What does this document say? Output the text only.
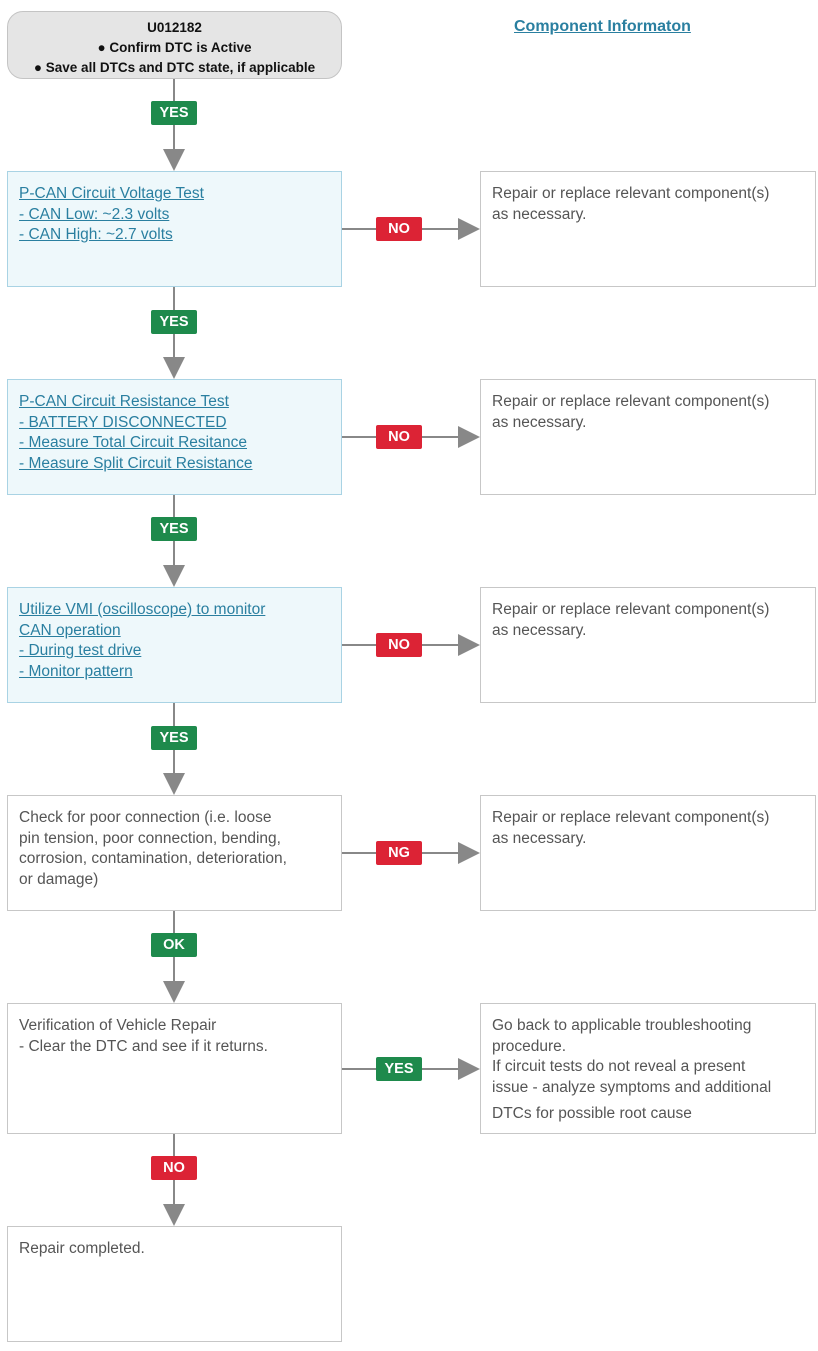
U012182
● Confirm DTC is Active
● Save all DTCs and DTC state, if applicable
Component Informaton
P-CAN Circuit Voltage Test
- CAN Low: ~2.3 volts
- CAN High: ~2.7 volts
P-CAN Circuit Resistance Test
- BATTERY DISCONNECTED
- Measure Total Circuit Resitance
- Measure Split Circuit Resistance
Utilize VMI (oscilloscope) to monitor
CAN operation
- During test drive
- Monitor pattern
Check for poor connection (i.e. loose
pin tension, poor connection, bending,
corrosion, contamination, deterioration,
or damage)
Verification of Vehicle Repair
- Clear the DTC and see if it returns.
Repair completed.
Repair or replace relevant component(s)
as necessary.
Repair or replace relevant component(s)
as necessary.
Repair or replace relevant component(s)
as necessary.
Repair or replace relevant component(s)
as necessary.
Go back to applicable troubleshooting
procedure.
If circuit tests do not reveal a present
issue - analyze symptoms and additional
DTCs for possible root cause
YES
YES
YES
YES
OK
NO
NO
NO
NO
NG
YES
